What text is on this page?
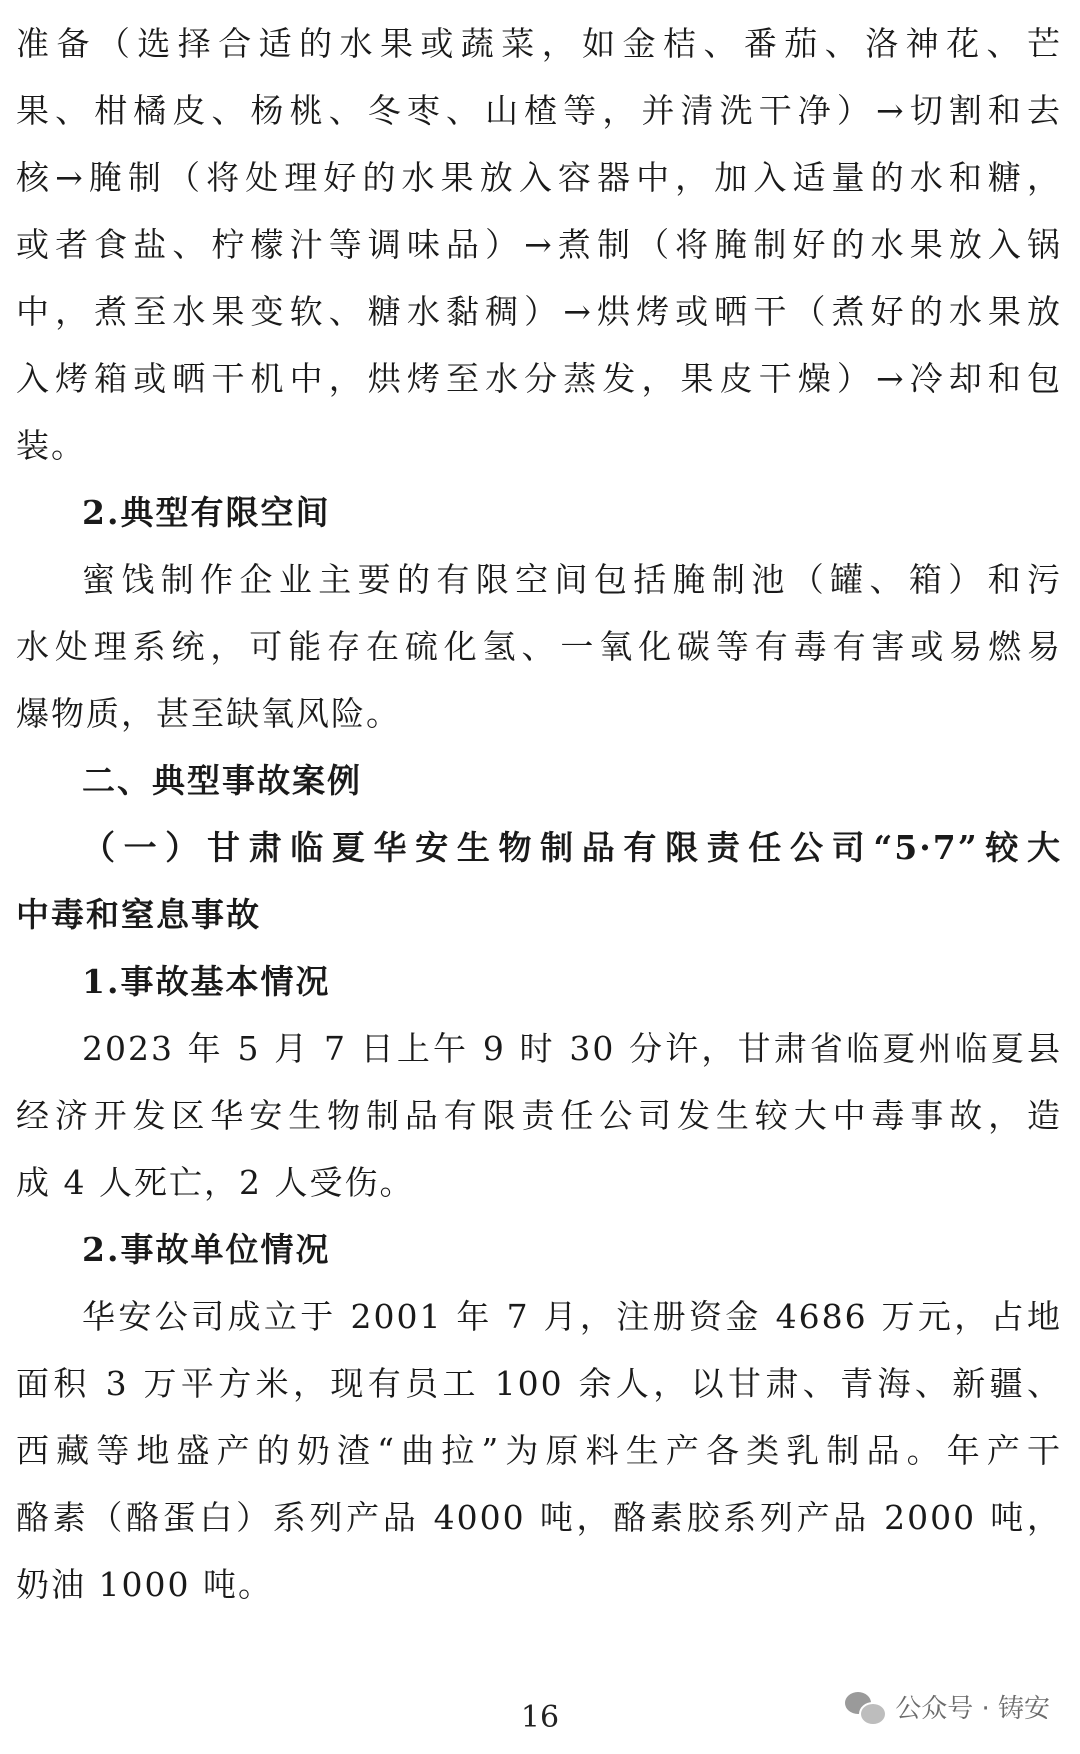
准备（选择合适的水果或蔬菜，如金桔、番茄、洛神花、芒
果、柑橘皮、杨桃、冬枣、山楂等，并清洗干净）→切割和去
核→腌制（将处理好的水果放入容器中，加入适量的水和糖，
或者食盐、柠檬汁等调味品）→煮制（将腌制好的水果放入锅
中，煮至水果变软、糖水黏稠）→烘烤或晒干（煮好的水果放
入烤箱或晒干机中，烘烤至水分蒸发，果皮干燥）→冷却和包
装。
2.典型有限空间
蜜饯制作企业主要的有限空间包括腌制池（罐、箱）和污
水处理系统，可能存在硫化氢、一氧化碳等有毒有害或易燃易
爆物质，甚至缺氧风险。
二、典型事故案例
（一）甘肃临夏华安生物制品有限责任公司“5·7”较大
中毒和窒息事故
1.事故基本情况
2023 年 5 月 7 日上午 9 时 30 分许，甘肃省临夏州临夏县
经济开发区华安生物制品有限责任公司发生较大中毒事故，造
成 4 人死亡，2 人受伤。
2.事故单位情况
华安公司成立于 2001 年 7 月，注册资金 4686 万元，占地
面积 3 万平方米，现有员工 100 余人，以甘肃、青海、新疆、
西藏等地盛产的奶渣“曲拉”为原料生产各类乳制品。年产干
酪素（酪蛋白）系列产品 4000 吨，酪素胶系列产品 2000 吨，
奶油 1000 吨。
16	公众号 · 铸安
